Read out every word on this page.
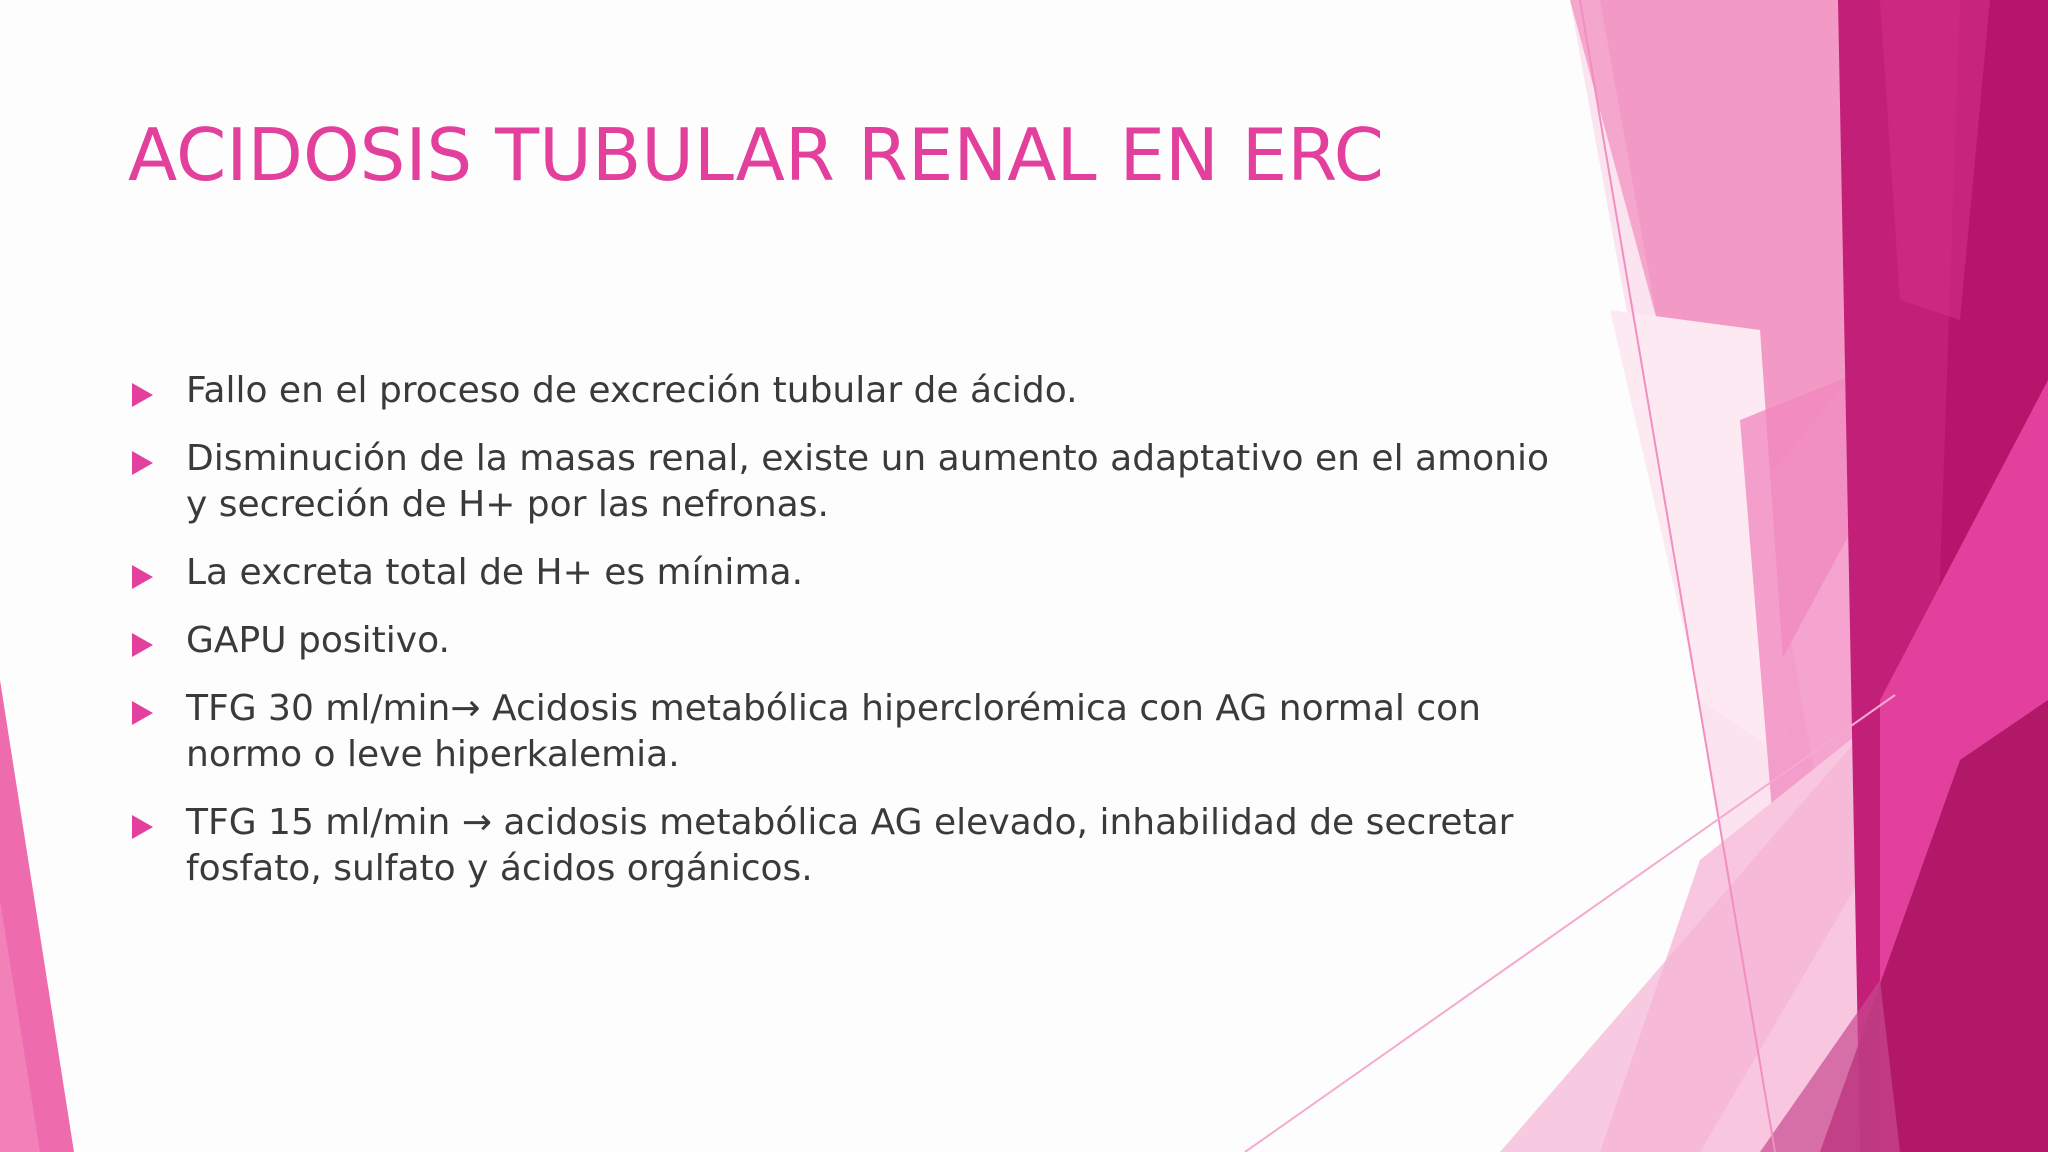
ACIDOSIS TUBULAR RENAL EN ERC
Fallo en el proceso de excreción tubular de ácido.
Disminución de la masas renal, existe un aumento adaptativo en el amonio y secreción de H+ por las nefronas.
La excreta total de H+ es mínima.
GAPU positivo.
TFG 30 ml/min→ Acidosis metabólica hiperclorémica con AG normal con normo o leve hiperkalemia.
TFG 15 ml/min → acidosis metabólica AG elevado, inhabilidad de secretar fosfato, sulfato y ácidos orgánicos.
